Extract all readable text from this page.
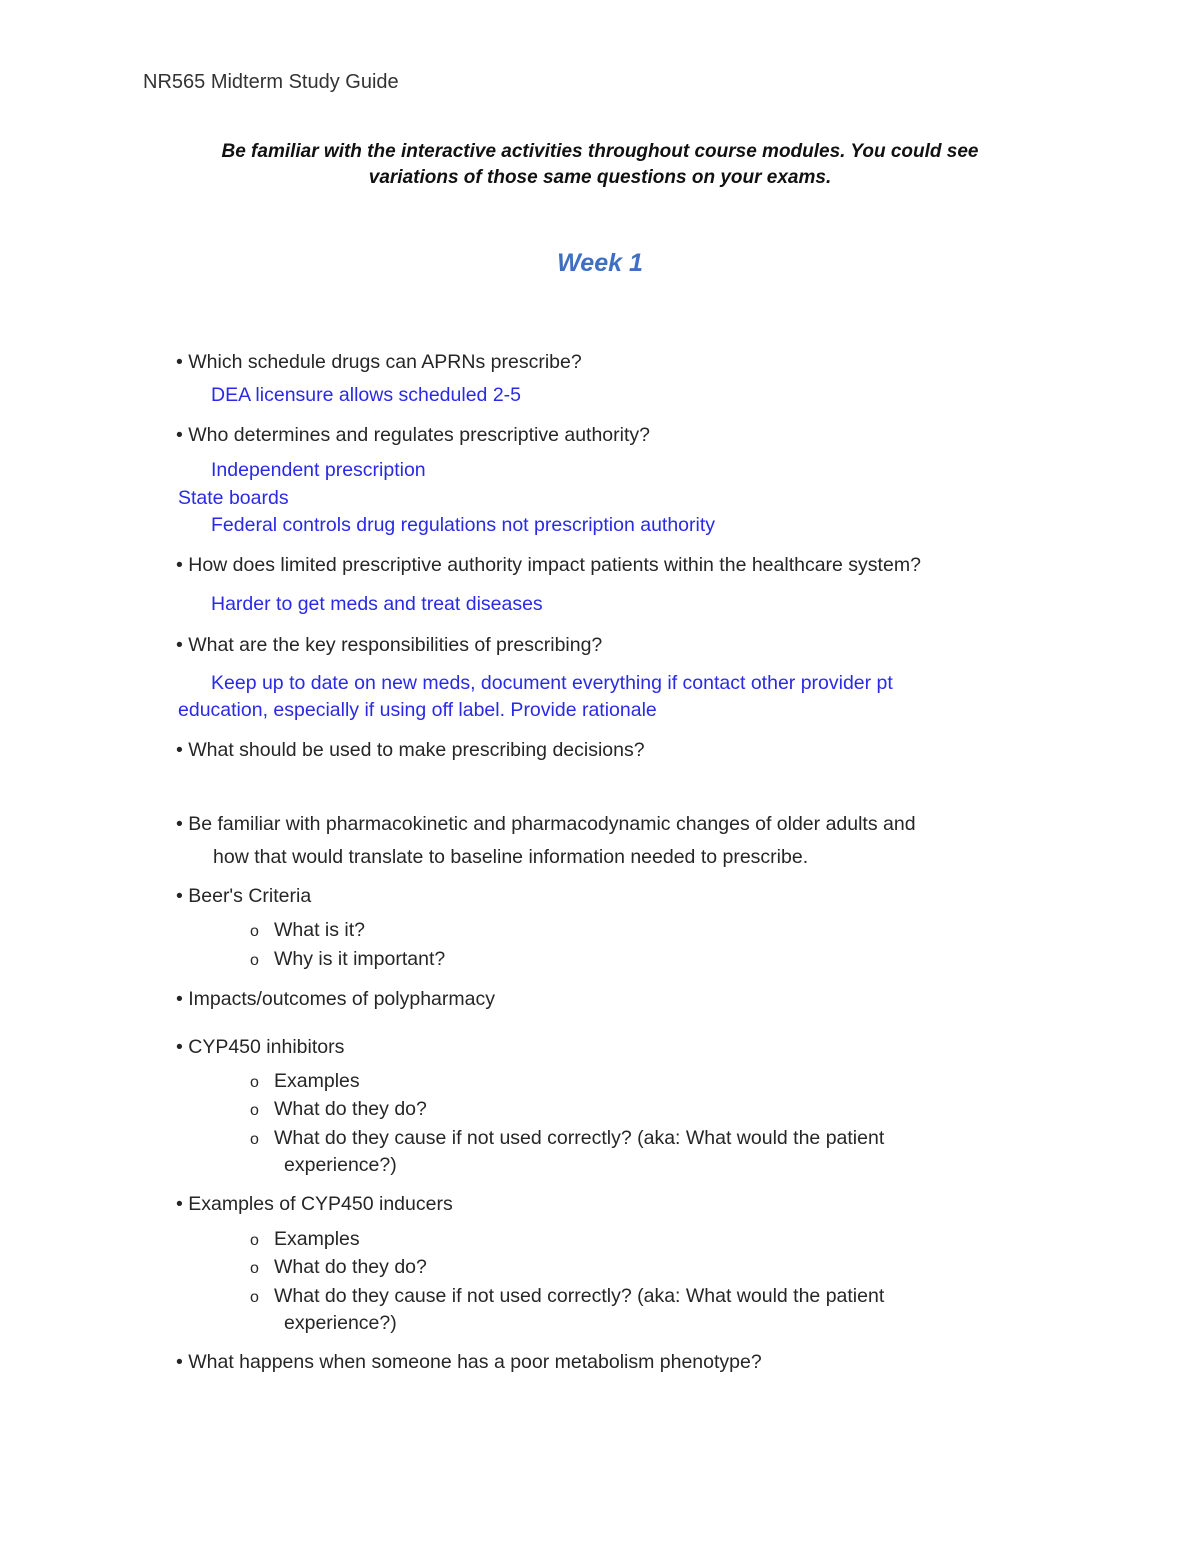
NR565 Midterm Study Guide
Be familiar with the interactive activities throughout course modules. You could see
variations of those same questions on your exams.
Week 1
• Which schedule drugs can APRNs prescribe?
DEA licensure allows scheduled 2-5
• Who determines and regulates prescriptive authority?
Independent prescription
State boards
Federal controls drug regulations not prescription authority
• How does limited prescriptive authority impact patients within the healthcare system?
Harder to get meds and treat diseases
• What are the key responsibilities of prescribing?
Keep up to date on new meds, document everything if contact other provider pt
education, especially if using off label. Provide rationale
• What should be used to make prescribing decisions?
• Be familiar with pharmacokinetic and pharmacodynamic changes of older adults and
how that would translate to baseline information needed to prescribe.
• Beer's Criteria
o What is it?
o Why is it important?
• Impacts/outcomes of polypharmacy
• CYP450 inhibitors
o Examples
o What do they do?
o What do they cause if not used correctly? (aka: What would the patient
experience?)
• Examples of CYP450 inducers
o Examples
o What do they do?
o What do they cause if not used correctly? (aka: What would the patient
experience?)
• What happens when someone has a poor metabolism phenotype?
